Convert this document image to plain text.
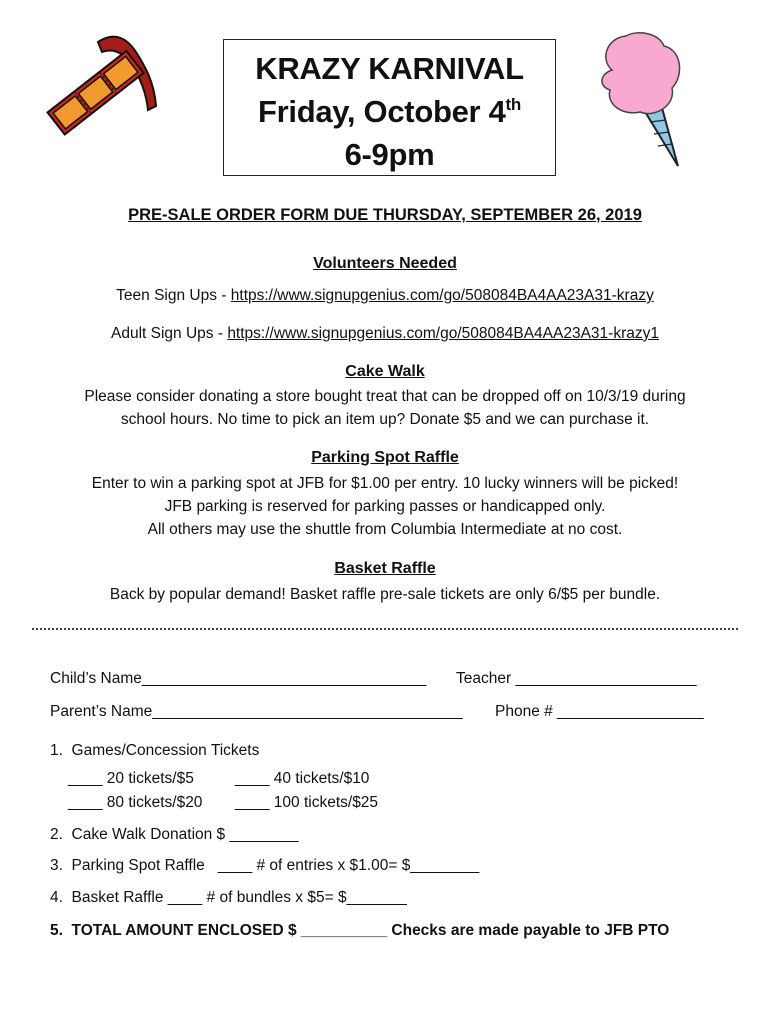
KRAZY KARNIVAL
Friday, October 4th
6-9pm
PRE-SALE ORDER FORM DUE THURSDAY, SEPTEMBER 26, 2019
Volunteers Needed
Teen Sign Ups - https://www.signupgenius.com/go/508084BA4AA23A31-krazy
Adult Sign Ups - https://www.signupgenius.com/go/508084BA4AA23A31-krazy1
Cake Walk
Please consider donating a store bought treat that can be dropped off on 10/3/19 during
school hours. No time to pick an item up? Donate $5 and we can purchase it.
Parking Spot Raffle
Enter to win a parking spot at JFB for $1.00 per entry. 10 lucky winners will be picked!
JFB parking is reserved for parking passes or handicapped only.
All others may use the shuttle from Columbia Intermediate at no cost.
Basket Raffle
Back by popular demand! Basket raffle pre-sale tickets are only 6/$5 per bundle.
Child’s Name_________________________________ Teacher _____________________
Parent’s Name____________________________________ Phone # _________________
1.  Games/Concession Tickets
____ 20 tickets/$5	____ 40 tickets/$10
____ 80 tickets/$20 ____ 100 tickets/$25
2.  Cake Walk Donation $ ________
3.  Parking Spot Raffle   ____ # of entries x $1.00= $________
4.  Basket Raffle ____ # of bundles x $5= $_______
5.  TOTAL AMOUNT ENCLOSED $ __________ Checks are made payable to JFB PTO
